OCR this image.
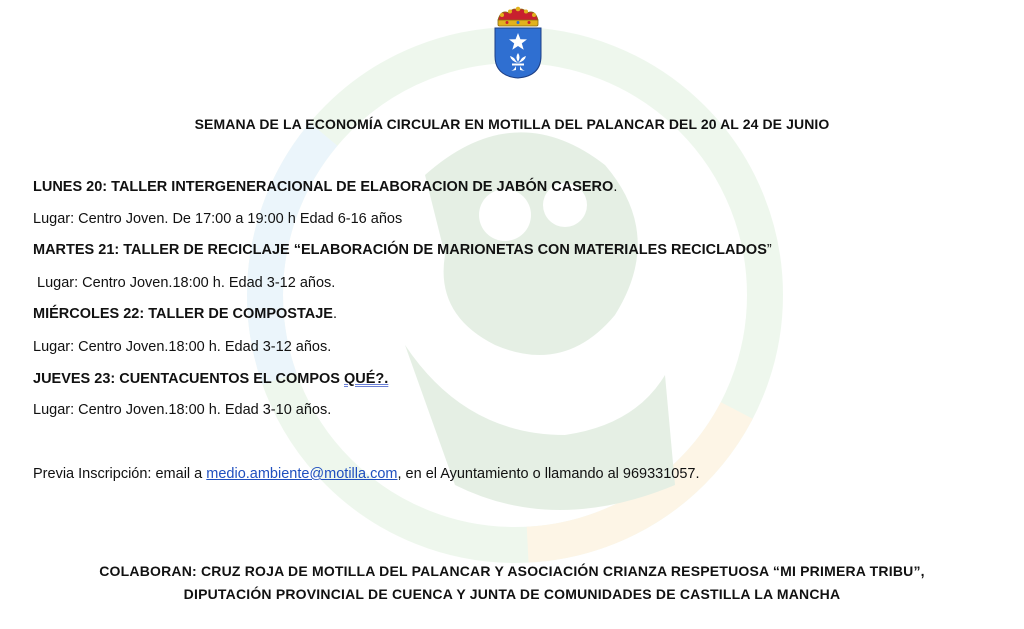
SEMANA DE LA ECONOMÍA CIRCULAR EN MOTILLA DEL PALANCAR DEL 20 AL 24 DE JUNIO
LUNES 20: TALLER INTERGENERACIONAL DE ELABORACION DE JABÓN CASERO.
Lugar: Centro Joven. De 17:00 a 19:00 h Edad 6-16 años
MARTES 21: TALLER DE RECICLAJE “ELABORACIÓN DE MARIONETAS CON MATERIALES RECICLADOS”
Lugar: Centro Joven.18:00 h. Edad 3-12 años.
MIÉRCOLES 22: TALLER DE COMPOSTAJE.
Lugar: Centro Joven.18:00 h. Edad 3-12 años.
JUEVES 23: CUENTACUENTOS EL COMPOS QUÉ?.
Lugar: Centro Joven.18:00 h. Edad 3-10 años.
Previa Inscripción: email a medio.ambiente@motilla.com, en el Ayuntamiento o llamando al 969331057.
COLABORAN: CRUZ ROJA DE MOTILLA DEL PALANCAR Y ASOCIACIÓN CRIANZA RESPETUOSA “MI PRIMERA TRIBU”,
DIPUTACIÓN PROVINCIAL DE CUENCA Y JUNTA DE COMUNIDADES DE CASTILLA LA MANCHA
